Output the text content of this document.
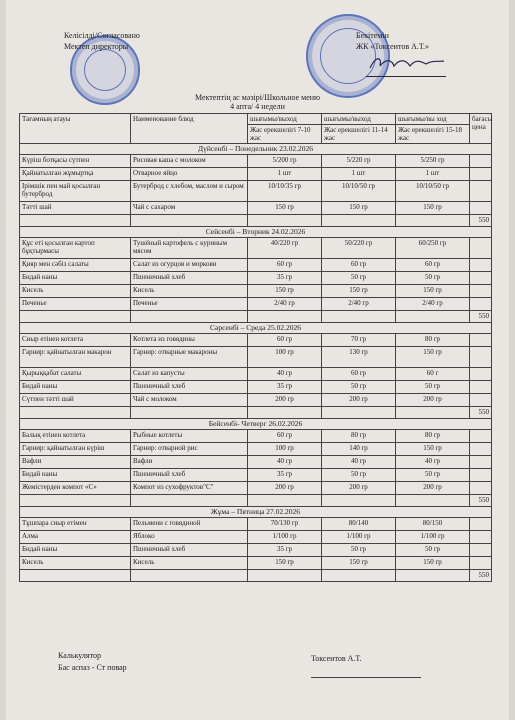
Келісілді/Согласовано
Мектеп директоры
Бекітемін
ЖК «Токсеитов А.Т.»
Мектептің ас мәзірі/Школьное меню
4 апта/ 4 недели
Тағамның атауы	Наименование блюд	шығымы/выход	шығымы/выход	шығымы/вы ход	бағасы цена
		Жас ерекшелігі 7-10 жас	Жас ерекшелігі 11-14 жас	Жас ерекшелігі 15-18 жас	
Дүйсенбі – Понедельник 23.02.2026					
Күріш ботқасы сүтпен	Рисовая каша с молоком	5/200 гр	5/220 гр	5/250 гр	
Қайнатылған жұмыртқа	Отварное яйцо	1 шт	1 шт	1 шт	
Ірімшік пен май қосылған бутерброд	Бутерброд с хлебом, маслом и сыром	10/10/35 гр	10/10/50 гр	10/10/50 гр	
Тәтті шай	Чай с сахаром	150 гр	150 гр	150 гр	
					550
Сейсенбі – Вторник 24.02.2026					
Құс еті қосылған картоп бұқтырмасы	Тушёный картофель с куриным мясом	40/220 гр	50/220 гр	60/250 гр	
Қияр мен сәбіз салаты	Салат из огурцов и моркови	60 гр	60 гр	60 гр	
Бидай наны	Пшеничный хлеб	35 гр	50 гр	50 гр	
Кисель	Кисель	150 гр	150 гр	150 гр	
Печенье	Печенье	2/40 гр	2/40 гр	2/40 гр	
					550
Сәрсенбі – Среда 25.02.2026					
Сиыр етінен котлета	Котлета из говядины	60 гр	70 гр	80 гр	
Гарнир: қайнатылған макарон	Гарнир: отварные макароны	100 гр	130 гр	150 гр	
Қырыққабат салаты	Салат из капусты	40 гр	60 гр	60 г	
Бидай наны	Пшеничный хлеб	35 гр	50 гр	50 гр	
Сүтпен тәтті шай	Чай с молоком	200 гр	200 гр	200 гр	
					550
Бейсенбі- Четверг 26.02.2026					
Балық етінен котлета	Рыбные котлеты	60 гр	80 гр	80 гр	
Гарнир: қайнатылған күріш	Гарнир: отварной рис	100 гр	140 гр	150 гр	
Вафли	Вафли	40 гр	40 гр	40 гр	
Бидай наны	Пшеничный хлеб	35 гр	50 гр	50 гр	
Жемістерден компот «С»	Компот из сухофруктов"С"	200 гр	200 гр	200 гр	
					550
Жұма – Пятница 27.02.2026					
Тұшпара сиыр етімен	Пельмени с говядиной	70/130 гр	80/140	80/150	
Алма	Яблоко	1/100 гр	1/100 гр	1/100 гр	
Бидай наны	Пшеничный хлеб	35 гр	50 гр	50 гр	
Кисель	Кисель	150 гр	150 гр	150 гр	
					550
Калькулятор
Бас аспаз - Ст повар
Токсеитов А.Т.
